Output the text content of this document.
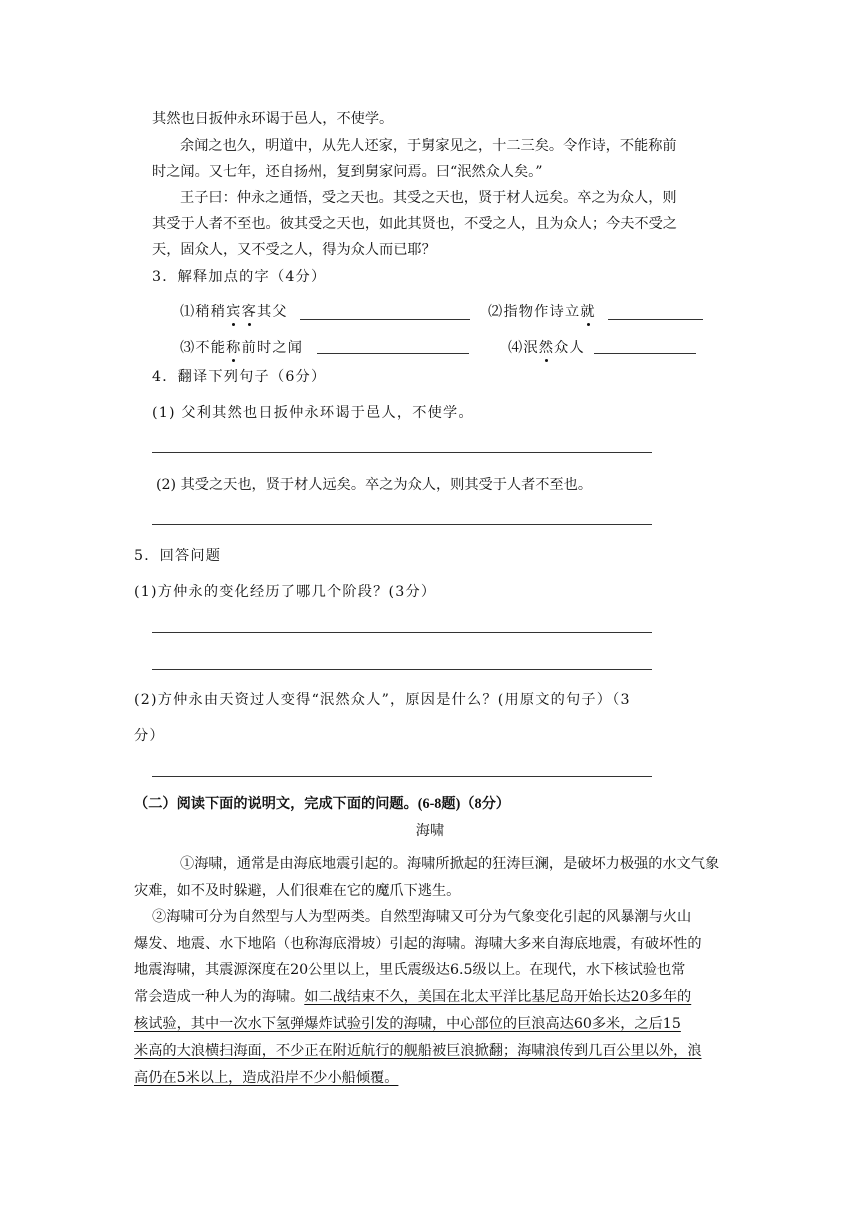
其然也日扳仲永环谒于邑人，不使学。
余闻之也久，明道中，从先人还家，于舅家见之，十二三矣。令作诗，不能称前
时之闻。又七年，还自扬州，复到舅家问焉。曰“泯然众人矣。”
王子曰：仲永之通悟，受之天也。其受之天也，贤于材人远矣。卒之为众人，则
其受于人者不至也。彼其受之天也，如此其贤也，不受之人，且为众人；今夫不受之
天，固众人，又不受之人，得为众人而已耶？
3．解释加点的字（4分）
⑴稍稍宾客其父	⑵指物作诗立就
⑶不能称前时之闻	⑷泯然众人
4．翻译下列句子（6分）
(1) 父利其然也日扳仲永环谒于邑人，不使学。
(2) 其受之天也，贤于材人远矣。卒之为众人，则其受于人者不至也。
5．回答问题
(1)方仲永的变化经历了哪几个阶段？(3分）
(2)方仲永由天资过人变得“泯然众人”，原因是什么？(用原文的句子）（3
分）
（二）阅读下面的说明文，完成下面的问题。(6-8题)（8分）
海啸
①海啸，通常是由海底地震引起的。海啸所掀起的狂涛巨澜，是破坏力极强的水文气象
灾难，如不及时躲避，人们很难在它的魔爪下逃生。
②海啸可分为自然型与人为型两类。自然型海啸又可分为气象变化引起的风暴潮与火山
爆发、地震、水下地陷（也称海底滑坡）引起的海啸。海啸大多来自海底地震，有破坏性的
地震海啸，其震源深度在20公里以上，里氏震级达6.5级以上。在现代，水下核试验也常
常会造成一种人为的海啸。如二战结束不久，美国在北太平洋比基尼岛开始长达20多年的
核试验，其中一次水下氢弹爆炸试验引发的海啸，中心部位的巨浪高达60多米，之后15
米高的大浪横扫海面，不少正在附近航行的舰船被巨浪掀翻；海啸浪传到几百公里以外，浪
高仍在5米以上，造成沿岸不少小船倾覆。
